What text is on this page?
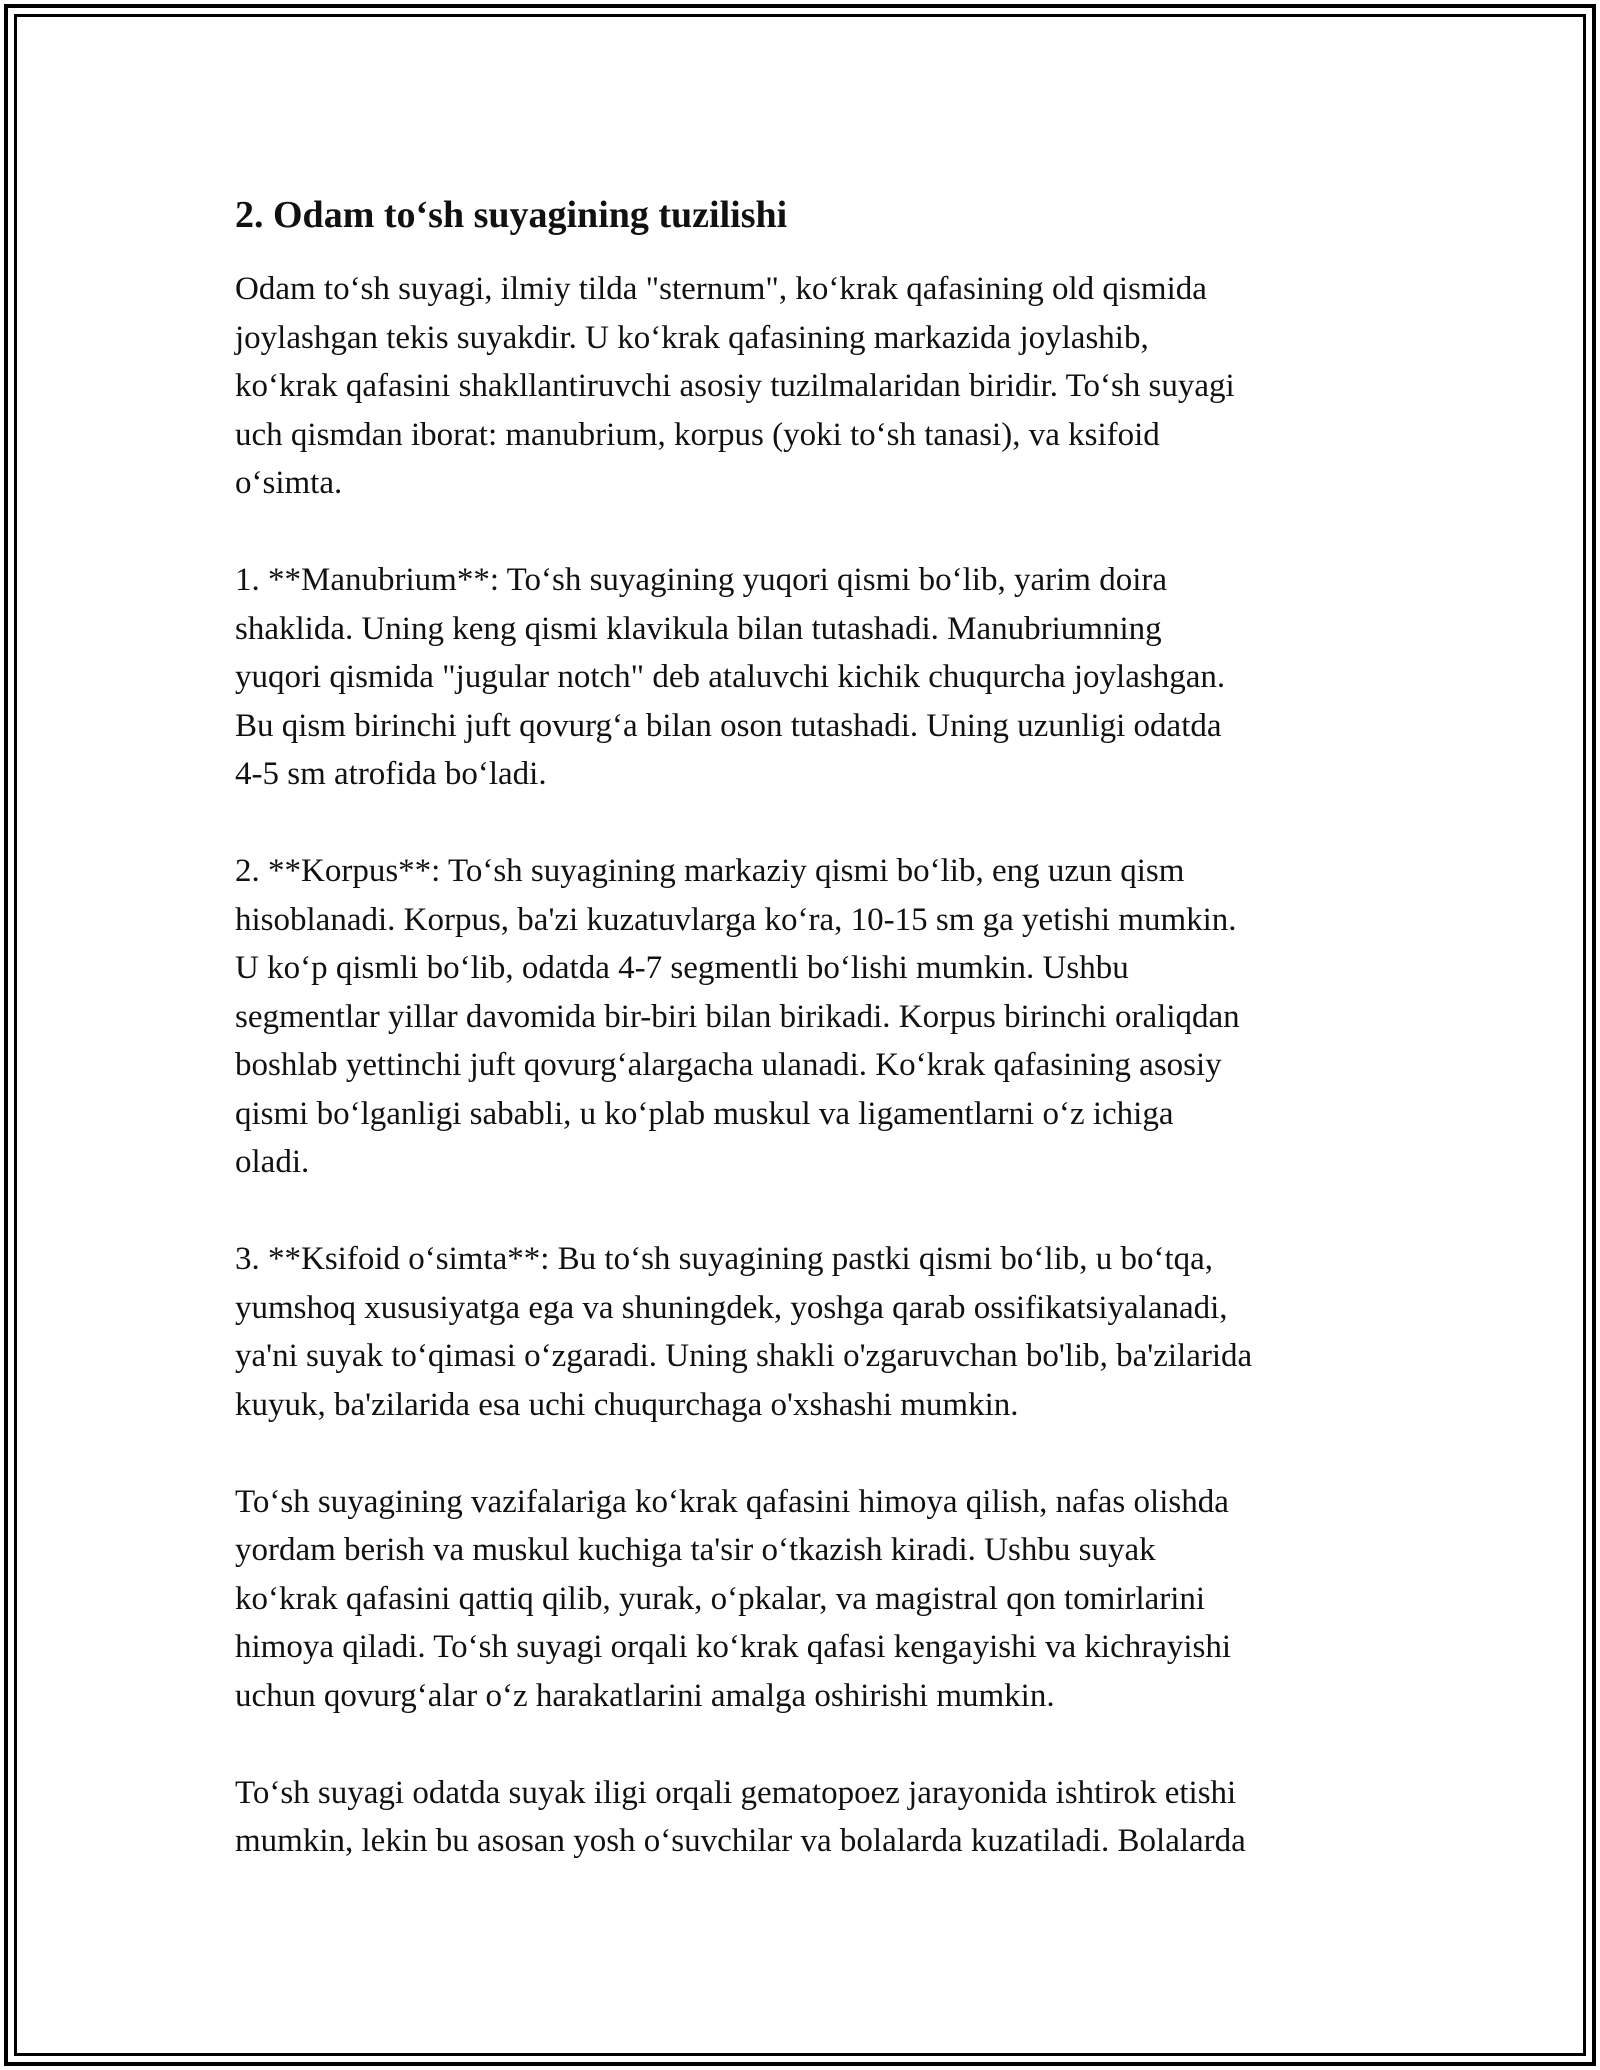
2. Odam to‘sh suyagining tuzilishi

Odam to‘sh suyagi, ilmiy tilda "sternum", ko‘krak qafasining old qismida
joylashgan tekis suyakdir. U ko‘krak qafasining markazida joylashib,
ko‘krak qafasini shakllantiruvchi asosiy tuzilmalaridan biridir. To‘sh suyagi
uch qismdan iborat: manubrium, korpus (yoki to‘sh tanasi), va ksifoid
o‘simta.

1. **Manubrium**: To‘sh suyagining yuqori qismi bo‘lib, yarim doira
shaklida. Uning keng qismi klavikula bilan tutashadi. Manubriumning
yuqori qismida "jugular notch" deb ataluvchi kichik chuqurcha joylashgan.
Bu qism birinchi juft qovurg‘a bilan oson tutashadi. Uning uzunligi odatda
4-5 sm atrofida bo‘ladi.

2. **Korpus**: To‘sh suyagining markaziy qismi bo‘lib, eng uzun qism
hisoblanadi. Korpus, ba'zi kuzatuvlarga ko‘ra, 10-15 sm ga yetishi mumkin.
U ko‘p qismli bo‘lib, odatda 4-7 segmentli bo‘lishi mumkin. Ushbu
segmentlar yillar davomida bir-biri bilan birikadi. Korpus birinchi oraliqdan
boshlab yettinchi juft qovurg‘alargacha ulanadi. Ko‘krak qafasining asosiy
qismi bo‘lganligi sababli, u ko‘plab muskul va ligamentlarni o‘z ichiga
oladi.

3. **Ksifoid o‘simta**: Bu to‘sh suyagining pastki qismi bo‘lib, u bo‘tqa,
yumshoq xususiyatga ega va shuningdek, yoshga qarab ossifikatsiyalanadi,
ya'ni suyak to‘qimasi o‘zgaradi. Uning shakli o'zgaruvchan bo'lib, ba'zilarida
kuyuk, ba'zilarida esa uchi chuqurchaga o'xshashi mumkin.

To‘sh suyagining vazifalariga ko‘krak qafasini himoya qilish, nafas olishda
yordam berish va muskul kuchiga ta'sir o‘tkazish kiradi. Ushbu suyak
ko‘krak qafasini qattiq qilib, yurak, o‘pkalar, va magistral qon tomirlarini
himoya qiladi. To‘sh suyagi orqali ko‘krak qafasi kengayishi va kichrayishi
uchun qovurg‘alar o‘z harakatlarini amalga oshirishi mumkin.

To‘sh suyagi odatda suyak iligi orqali gematopoez jarayonida ishtirok etishi
mumkin, lekin bu asosan yosh o‘suvchilar va bolalarda kuzatiladi. Bolalarda
